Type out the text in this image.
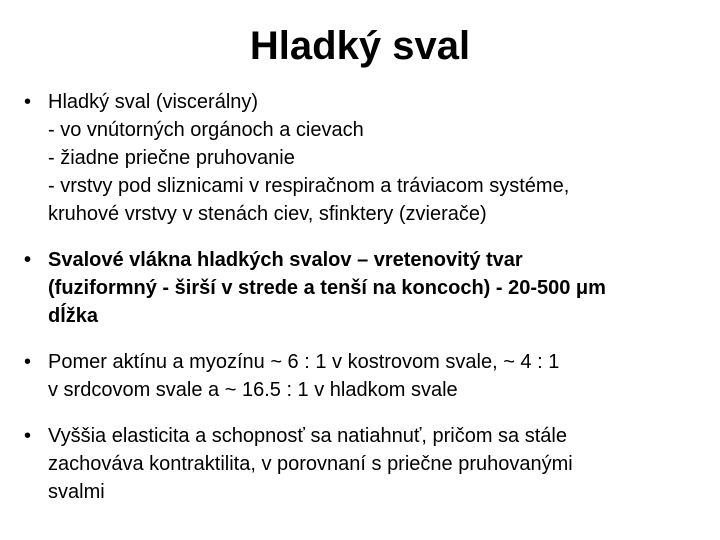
Hladký sval
• Hladký sval (viscerálny)
- vo vnútorných orgánoch a cievach
- žiadne priečne pruhovanie
- vrstvy pod sliznicami v respiračnom a tráviacom systéme,
kruhové vrstvy v stenách ciev, sfinktery (zvierače)
• Svalové vlákna hladkých svalov – vretenovitý tvar
(fuziformný - širší v strede a tenší na koncoch) - 20-500 μm
dĺžka
• Pomer aktínu a myozínu ~ 6 : 1 v kostrovom svale, ~ 4 : 1
v srdcovom svale a ~ 16.5 : 1 v hladkom svale
• Vyššia elasticita a schopnosť sa natiahnuť, pričom sa stále
zachováva kontraktilita, v porovnaní s priečne pruhovanými
svalmi
